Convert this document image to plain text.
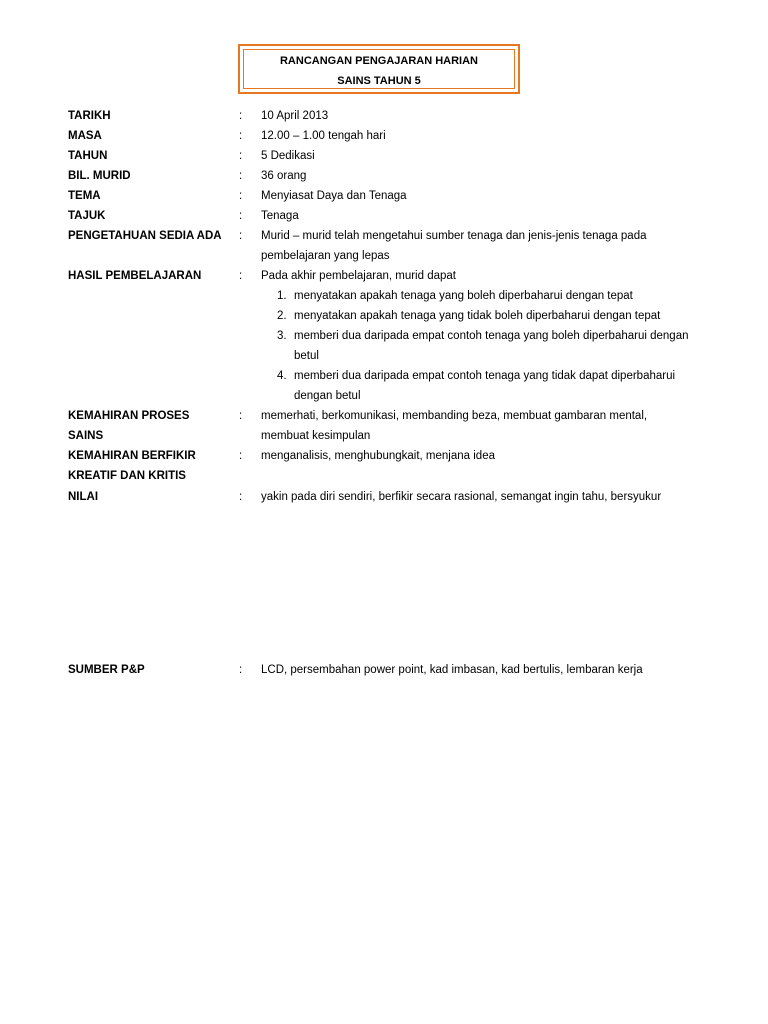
RANCANGAN PENGAJARAN HARIAN
SAINS TAHUN 5
TARIKH	:	10 April 2013
MASA	:	12.00 – 1.00 tengah hari
TAHUN	:	5 Dedikasi
BIL. MURID	:	36 orang
TEMA	:	Menyiasat Daya dan Tenaga
TAJUK	:	Tenaga
PENGETAHUAN SEDIA ADA	:	Murid – murid telah mengetahui sumber tenaga dan jenis-jenis tenaga pada
pembelajaran yang lepas
HASIL PEMBELAJARAN	:	Pada akhir pembelajaran, murid dapat
1. menyatakan apakah tenaga yang boleh diperbaharui dengan tepat
2. menyatakan apakah tenaga yang tidak boleh diperbaharui dengan tepat
3. memberi dua daripada empat contoh tenaga yang boleh diperbaharui dengan
betul
4. memberi dua daripada empat contoh tenaga yang tidak dapat diperbaharui
dengan betul
KEMAHIRAN PROSES	:	memerhati, berkomunikasi, membanding beza, membuat gambaran mental,
SAINS	membuat kesimpulan
KEMAHIRAN BERFIKIR	:	menganalisis, menghubungkait, menjana idea
KREATIF DAN KRITIS
NILAI	:	yakin pada diri sendiri, berfikir secara rasional, semangat ingin tahu, bersyukur
SUMBER P&P	:	LCD, persembahan power point, kad imbasan, kad bertulis, lembaran kerja
